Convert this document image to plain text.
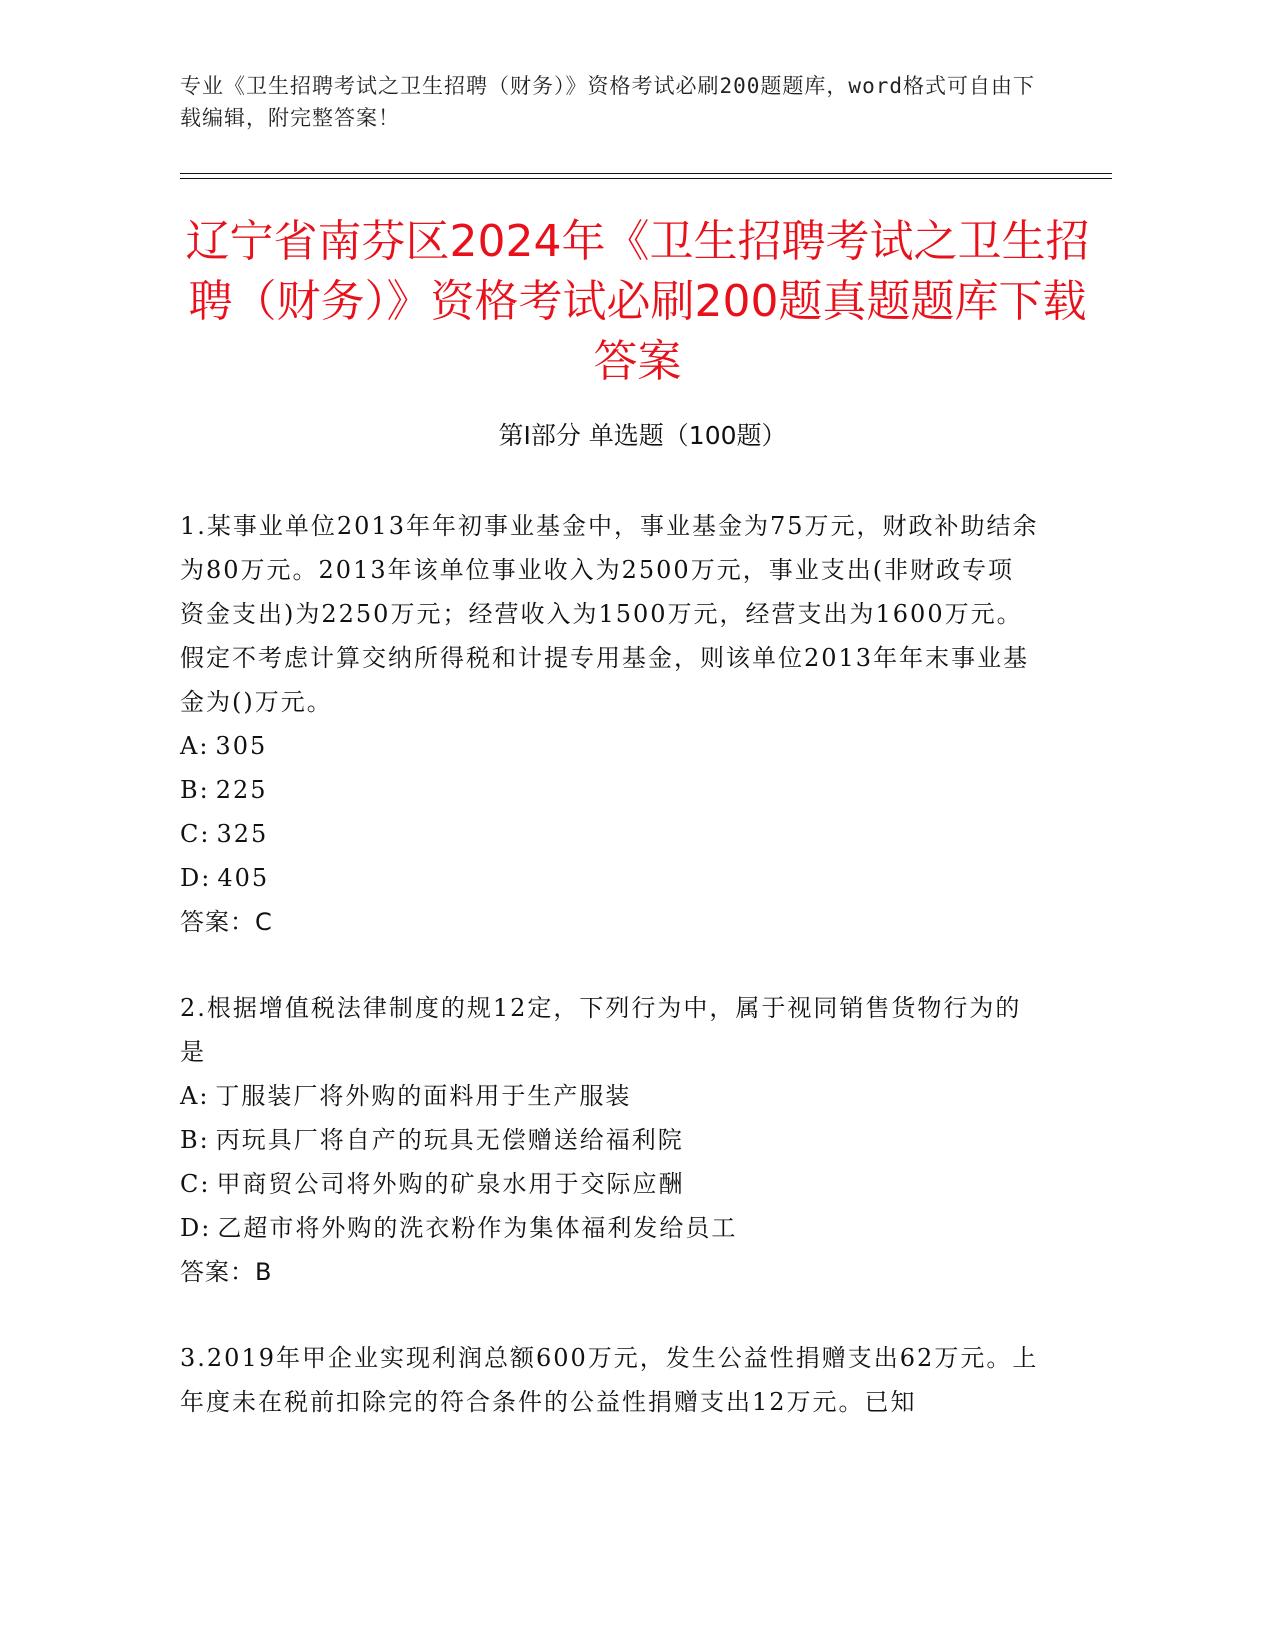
专业《卫生招聘考试之卫生招聘（财务）》资格考试必刷200题题库，word格式可自由下载编辑，附完整答案！
辽宁省南芬区2024年《卫生招聘考试之卫生招聘（财务）》资格考试必刷200题真题题库下载答案
第Ⅰ部分 单选题（100题）
1.某事业单位2013年年初事业基金中，事业基金为75万元，财政补助结余为80万元。2013年该单位事业收入为2500万元，事业支出(非财政专项资金支出)为2250万元；经营收入为1500万元，经营支出为1600万元。假定不考虑计算交纳所得税和计提专用基金，则该单位2013年年末事业基金为()万元。
A: 305
B: 225
C: 325
D: 405
答案：C
2.根据增值税法律制度的规12定，下列行为中，属于视同销售货物行为的是
A: 丁服装厂将外购的面料用于生产服装
B: 丙玩具厂将自产的玩具无偿赠送给福利院
C: 甲商贸公司将外购的矿泉水用于交际应酬
D: 乙超市将外购的洗衣粉作为集体福利发给员工
答案：B
3.2019年甲企业实现利润总额600万元，发生公益性捐赠支出62万元。上年度未在税前扣除完的符合条件的公益性捐赠支出12万元。已知
